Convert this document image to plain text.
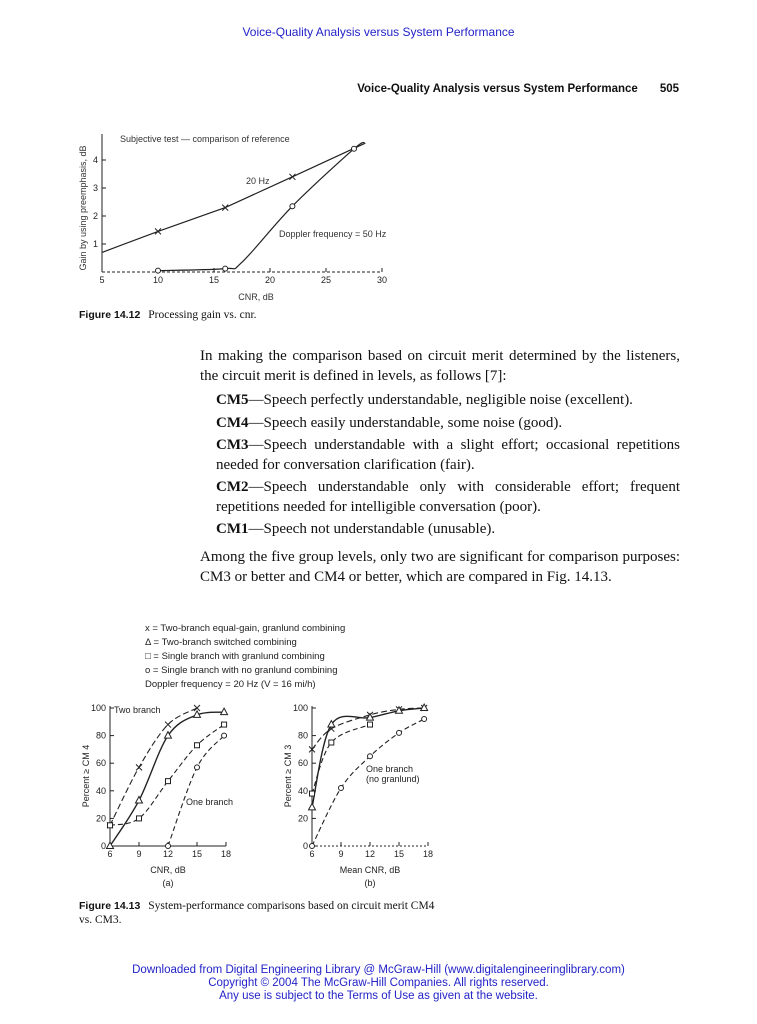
Voice-Quality Analysis versus System Performance
Voice-Quality Analysis versus System Performance 505
5	10	15	20	25	30
1
2
3
4
Subjective test — comparison of reference
20 Hz
Doppler frequency = 50 Hz
CNR, dB
Gain by using preemphasis, dB
Figure 14.12 Processing gain vs. cnr.

In making the comparison based on circuit merit determined by the listeners, the circuit merit is defined in levels, as follows [7]:

CM5—Speech perfectly understandable, negligible noise (excellent).

CM4—Speech easily understandable, some noise (good).

CM3—Speech understandable with a slight effort; occasional repetitions needed for conversation clarification (fair).

CM2—Speech understandable only with considerable effort; frequent repetitions needed for intelligible conversation (poor).

CM1—Speech not understandable (unusable).

Among the five group levels, only two are significant for comparison purposes: CM3 or better and CM4 or better, which are compared in Fig. 14.13.

x = Two-branch equal-gain, granlund combining
Δ = Two-branch switched combining
□ = Single branch with granlund combining
o = Single branch with no granlund combining
Doppler frequency = 20 Hz (V = 16 mi/h)
6	9 12 15 18
0
20
40
60
80
100 Two branch
One branch
CNR, dB
(a)
Percent ≥ CM 4
6	9 12 15 18
0
20
40
60
80
100
One branch
(no granlund)
Mean CNR, dB
(b)
Percent ≥ CM 3
Figure 14.13 System-performance comparisons based on circuit merit CM4 vs. CM3.
Downloaded from Digital Engineering Library @ McGraw-Hill (www.digitalengineeringlibrary.com)
Copyright © 2004 The McGraw-Hill Companies. All rights reserved.
Any use is subject to the Terms of Use as given at the website.
